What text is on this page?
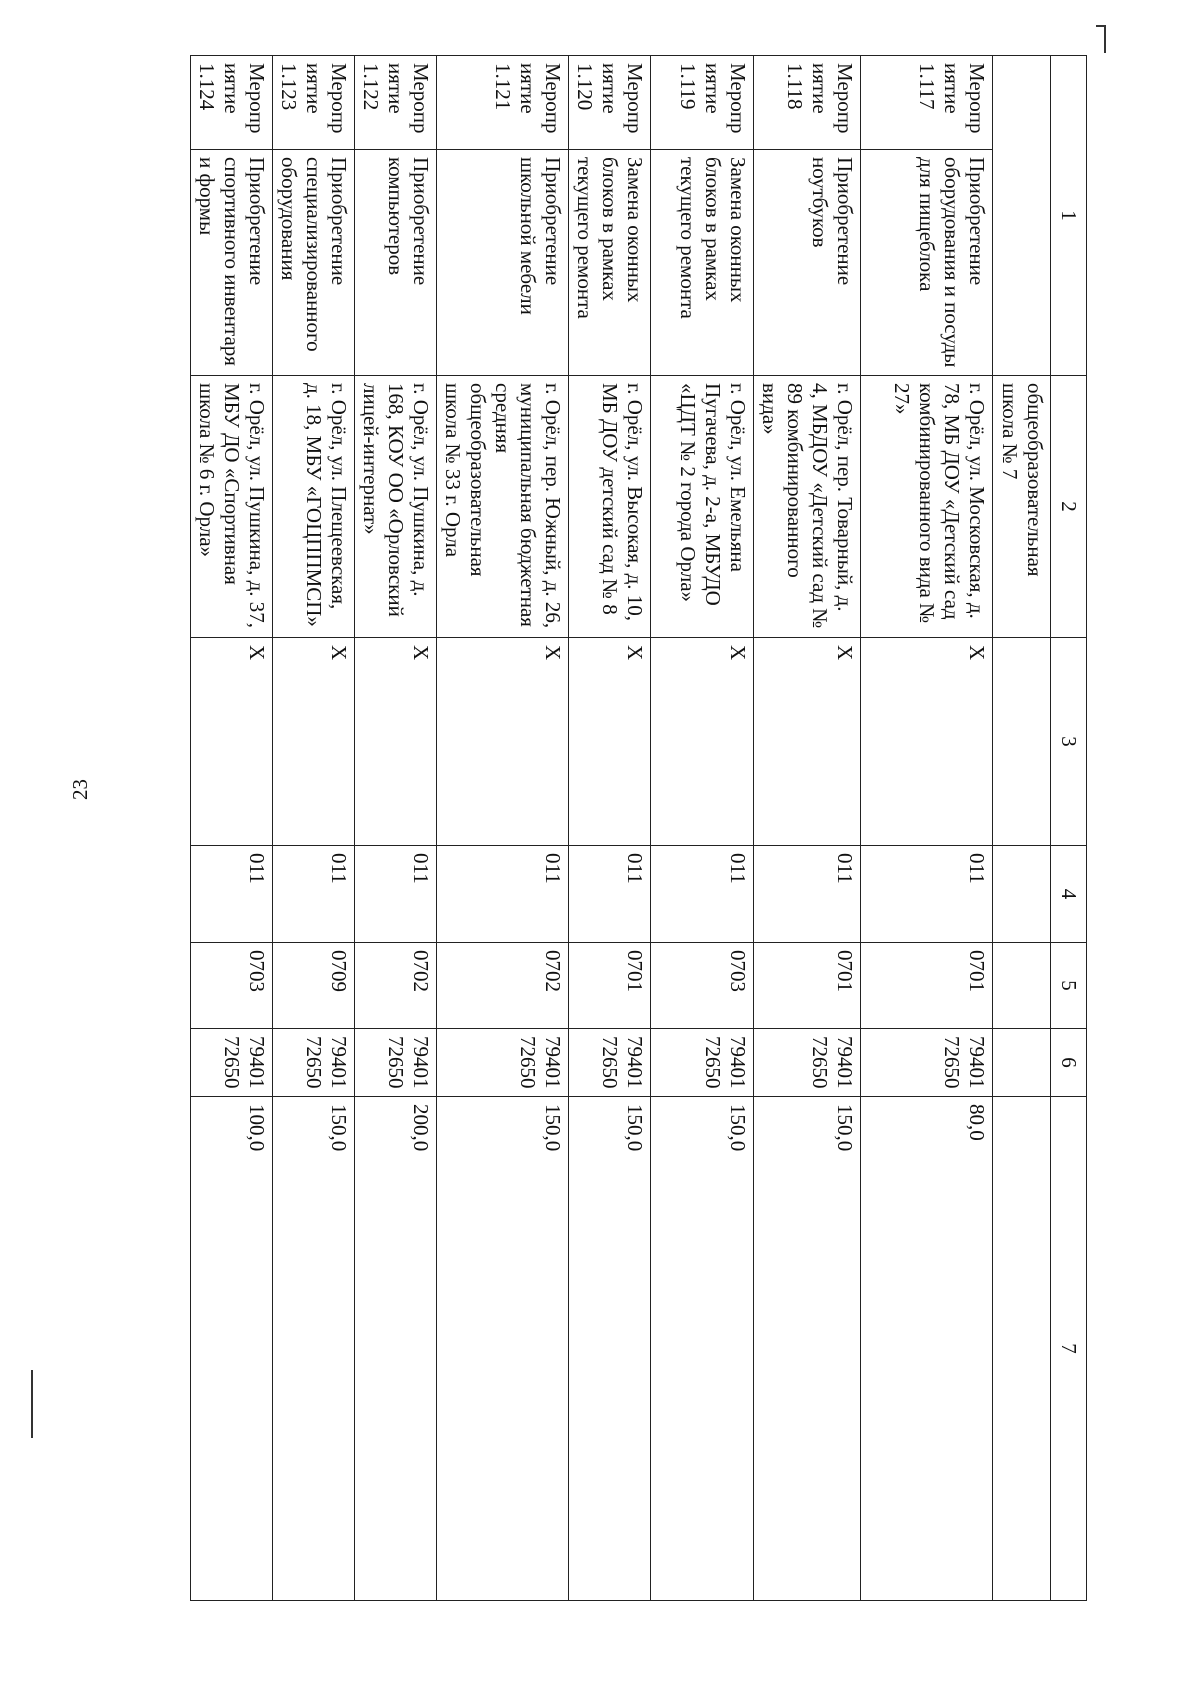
23
1		2	3	4	5	6	7
		общеобразовательная школа № 7					
Мероприятие 1.117	Приобретение оборудования и посуды для пищеблока	г. Орёл, ул. Московская, д. 78, МБ ДОУ «Детский сад комбинированного вида № 27»	X	011	0701	7940172650	80,0
Мероприятие 1.118	Приобретение ноутбуков	г. Орёл, пер. Товарный, д. 4, МБДОУ «Детский сад № 89 комбинированного вида»	X	011	0701	7940172650	150,0
Мероприятие 1.119	Замена оконных блоков в рамках текущего ремонта	г. Орёл, ул. Емельяна Пугачева, д. 2-а, МБУДО «ЦДТ № 2 города Орла»	X	011	0703	7940172650	150,0
Мероприятие 1.120	Замена оконных блоков в рамках текущего ремонта	г. Орёл, ул. Высокая, д. 10, МБ ДОУ детский сад № 8	X	011	0701	7940172650	150,0
Мероприятие 1.121	Приобретение школьной мебели	г. Орёл, пер. Южный, д. 26, муниципальная бюджетная средняя общеобразовательная школа № 33 г. Орла	X	011	0702	7940172650	150,0
Мероприятие 1.122	Приобретение компьютеров	г. Орёл, ул. Пушкина, д. 168, КОУ ОО «Орловский лицей-интернат»	X	011	0702	7940172650	200,0
Мероприятие 1.123	Приобретение специализированного оборудования	г. Орёл, ул. Плещеевская, д. 18, МБУ «ГОЦППМСП»	X	011	0709	7940172650	150,0
Мероприятие 1.124	Приобретение спортивного инвентаря и формы	г. Орёл, ул. Пушкина, д. 37, МБУ ДО «Спортивная школа № 6 г. Орла»	X	011	0703	7940172650	100,0
